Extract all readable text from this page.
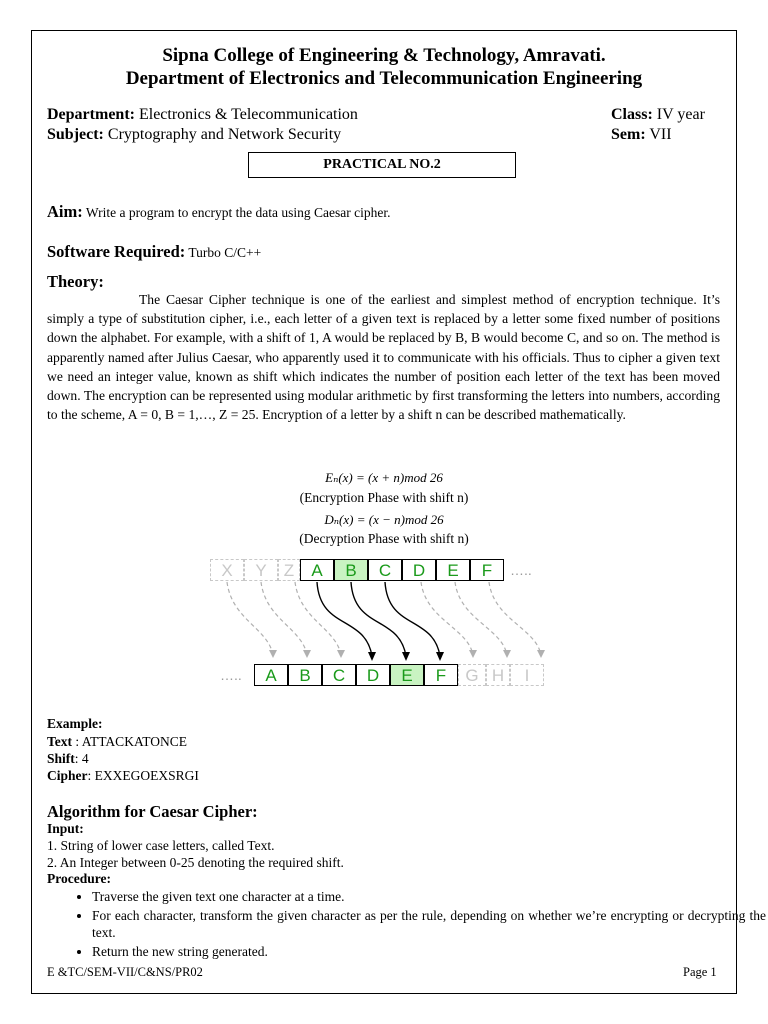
Sipna College of Engineering & Technology, Amravati.
Department of Electronics and Telecommunication Engineering
Department: Electronics & Telecommunication	Class: IV year
Subject: Cryptography and Network Security	Sem: VII
PRACTICAL NO.2
Aim: Write a program to encrypt the data using Caesar cipher.
Software Required: Turbo C/C++
Theory:
The Caesar Cipher technique is one of the earliest and simplest method of encryption technique. It’s simply a type of substitution cipher, i.e., each letter of a given text is replaced by a letter some fixed number of positions down the alphabet. For example, with a shift of 1, A would be replaced by B, B would become C, and so on. The method is apparently named after Julius Caesar, who apparently used it to communicate with his officials. Thus to cipher a given text we need an integer value, known as shift which indicates the number of position each letter of the text has been moved down. The encryption can be represented using modular arithmetic by first transforming the letters into numbers, according to the scheme, A = 0, B = 1,…, Z = 25. Encryption of a letter by a shift n can be described mathematically.
Eₙ(x) = (x + n)mod 26
(Encryption Phase with shift n)
Dₙ(x) = (x − n)mod 26
(Decryption Phase with shift n)
X	Y	Z	A	B	C	D	E	F	…..
…..	A	B	C	D	E	F	G H	I
Example:
Text : ATTACKATONCE
Shift: 4
Cipher: EXXEGOEXSRGI
Algorithm for Caesar Cipher:
Input:
1. String of lower case letters, called Text.
2. An Integer between 0-25 denoting the required shift.
Procedure:
• Traverse the given text one character at a time.
• For each character, transform the given character as per the rule, depending on whether we’re encrypting or decrypting the text.
• Return the new string generated.
E &TC/SEM-VII/C&NS/PR02	Page 1
